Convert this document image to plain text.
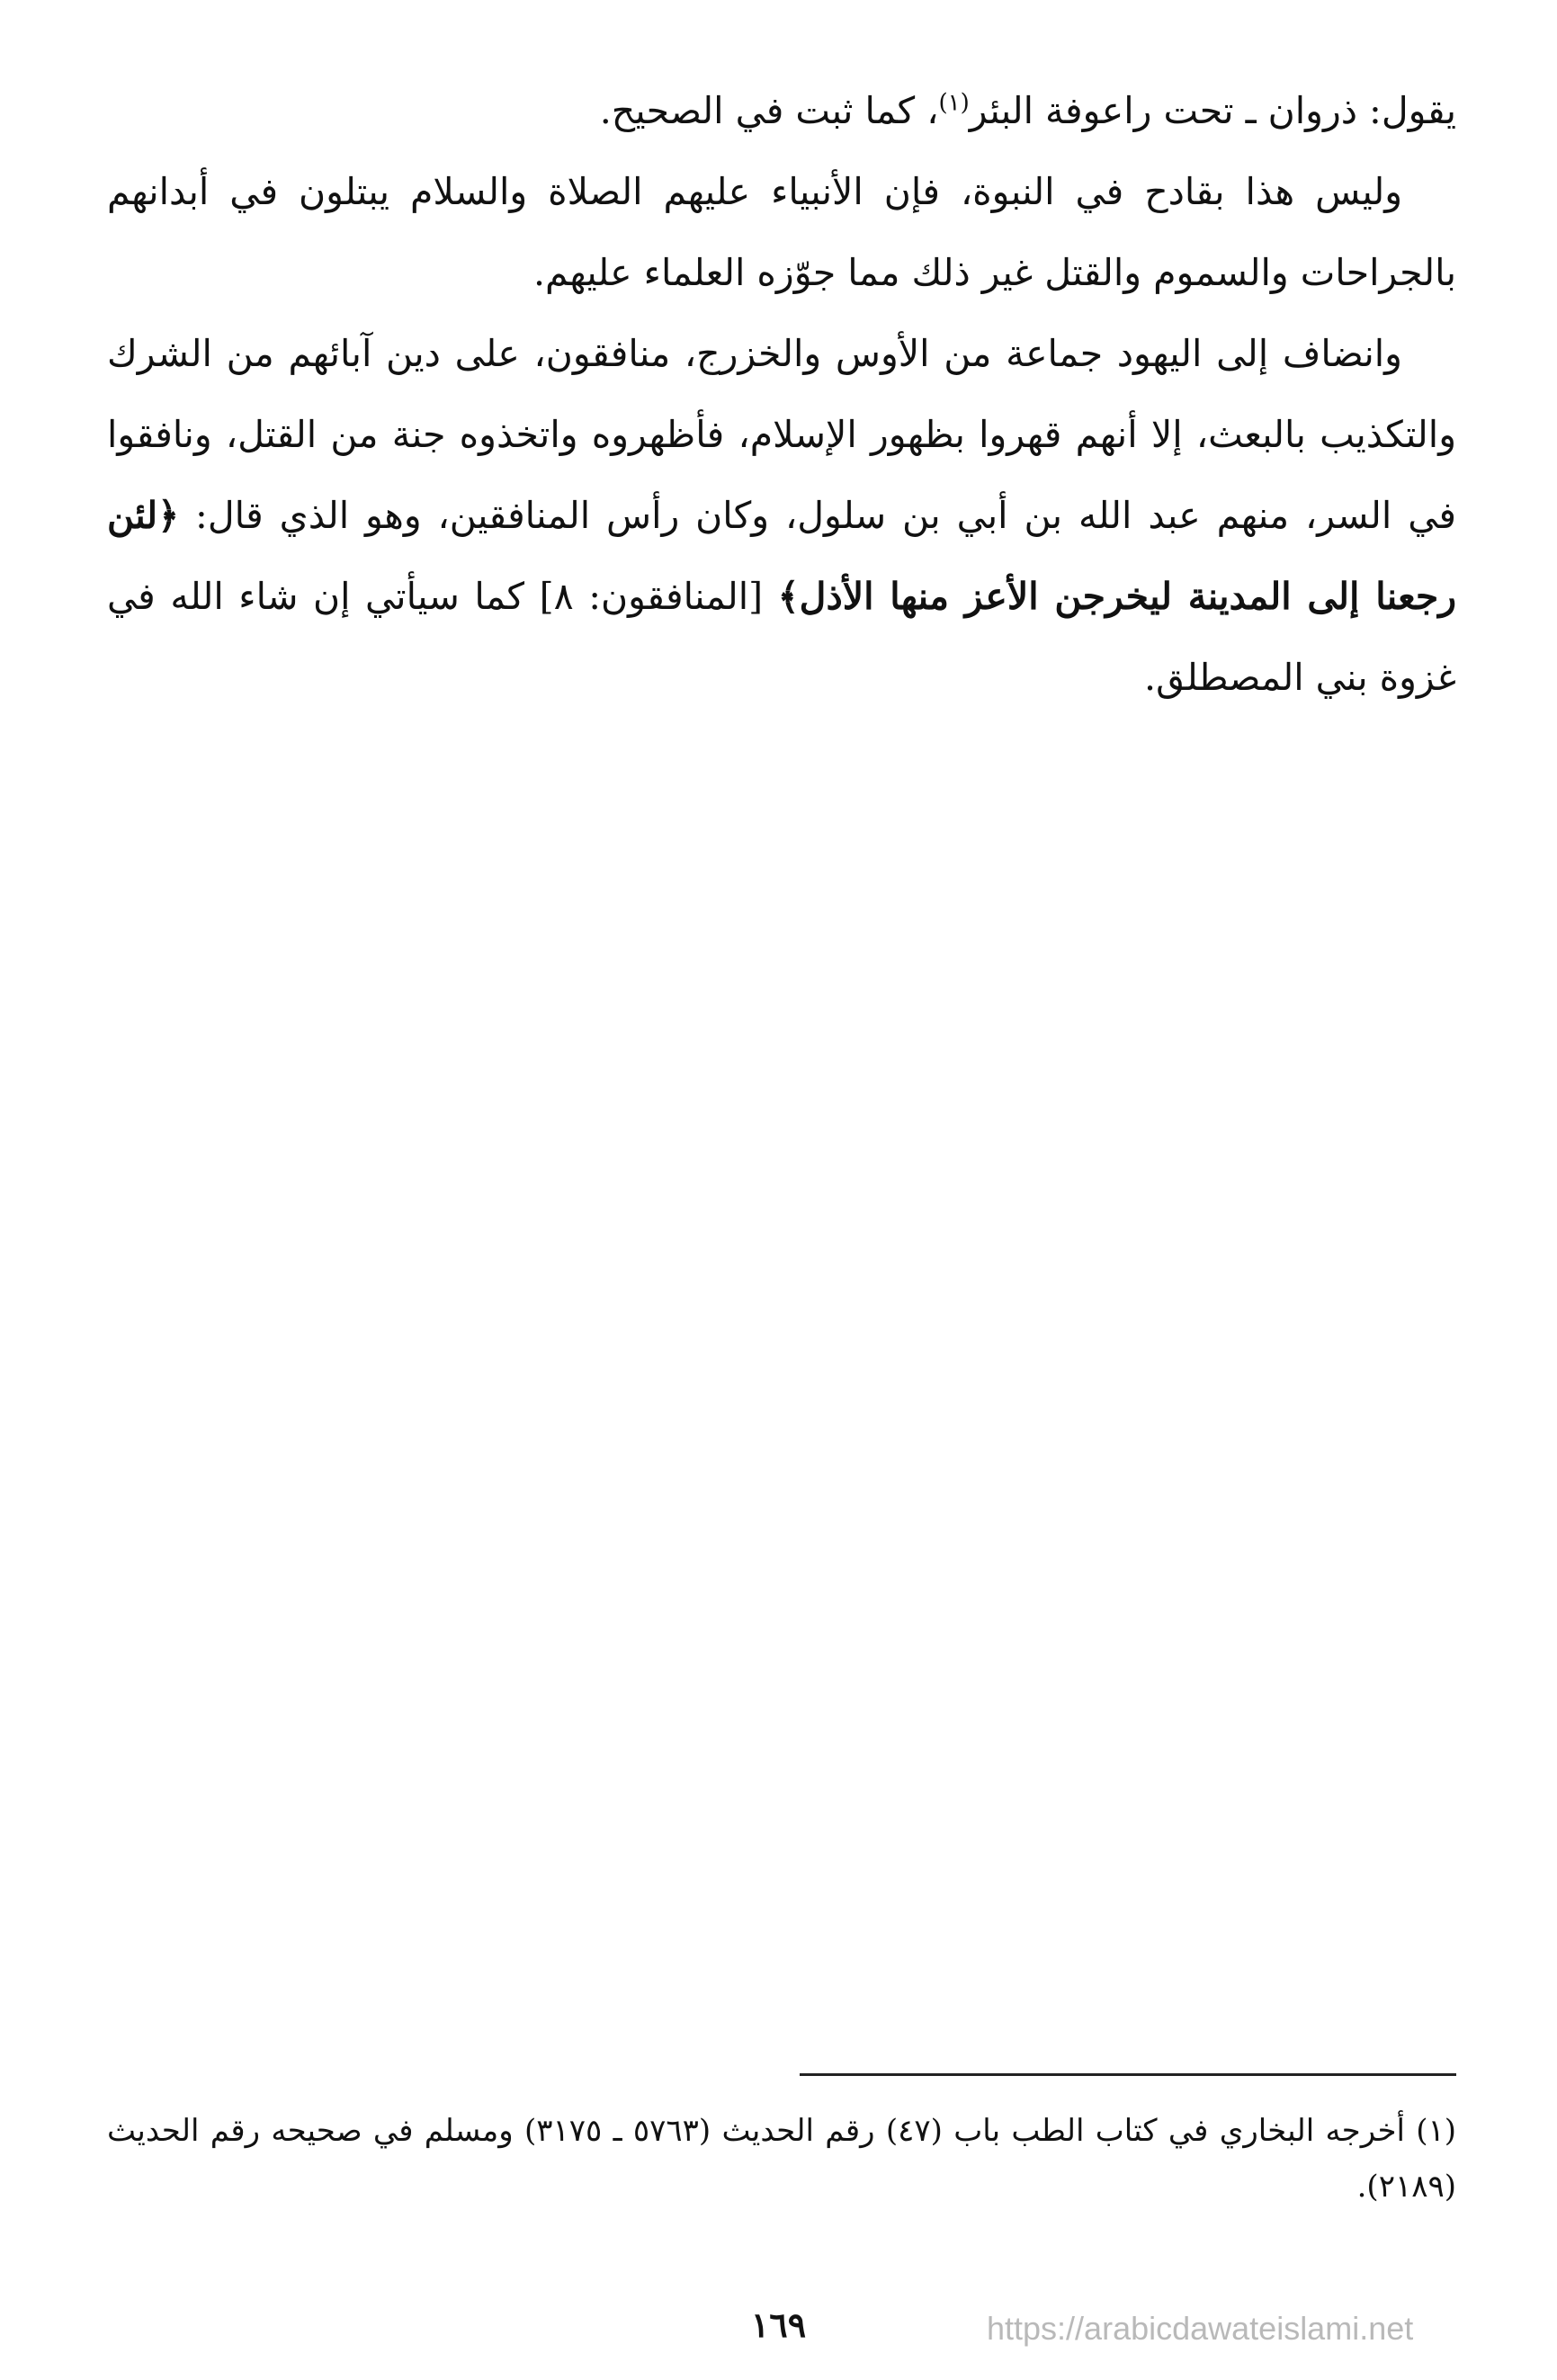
يقول: ذروان ـ تحت راعوفة البئر$^{(١)}$، كما ثبت في الصحيح.

وليس هذا بقادح في النبوة، فإن الأنبياء عليهم الصلاة والسلام يبتلون في أبدانهم بالجراحات والسموم والقتل غير ذلك مما جوّزه العلماء عليهم.

وانضاف إلى اليهود جماعة من الأوس والخزرج، منافقون، على دين آبائهم من الشرك والتكذيب بالبعث، إلا أنهم قهروا بظهور الإسلام، فأظهروه واتخذوه جنة من القتل، ونافقوا في السر، منهم عبد الله بن أبي بن سلول، وكان رأس المنافقين، وهو الذي قال: ﴿لئن رجعنا إلى المدينة ليخرجن الأعز منها الأذل﴾ [المنافقون: ٨] كما سيأتي إن شاء الله في غزوة بني المصطلق.

(١) أخرجه البخاري في كتاب الطب باب (٤٧) رقم الحديث (٥٧٦٣ ـ ٣١٧٥) ومسلم في صحيحه رقم الحديث (٢١٨٩).
١٦٩	https://arabicdawateislami.net
